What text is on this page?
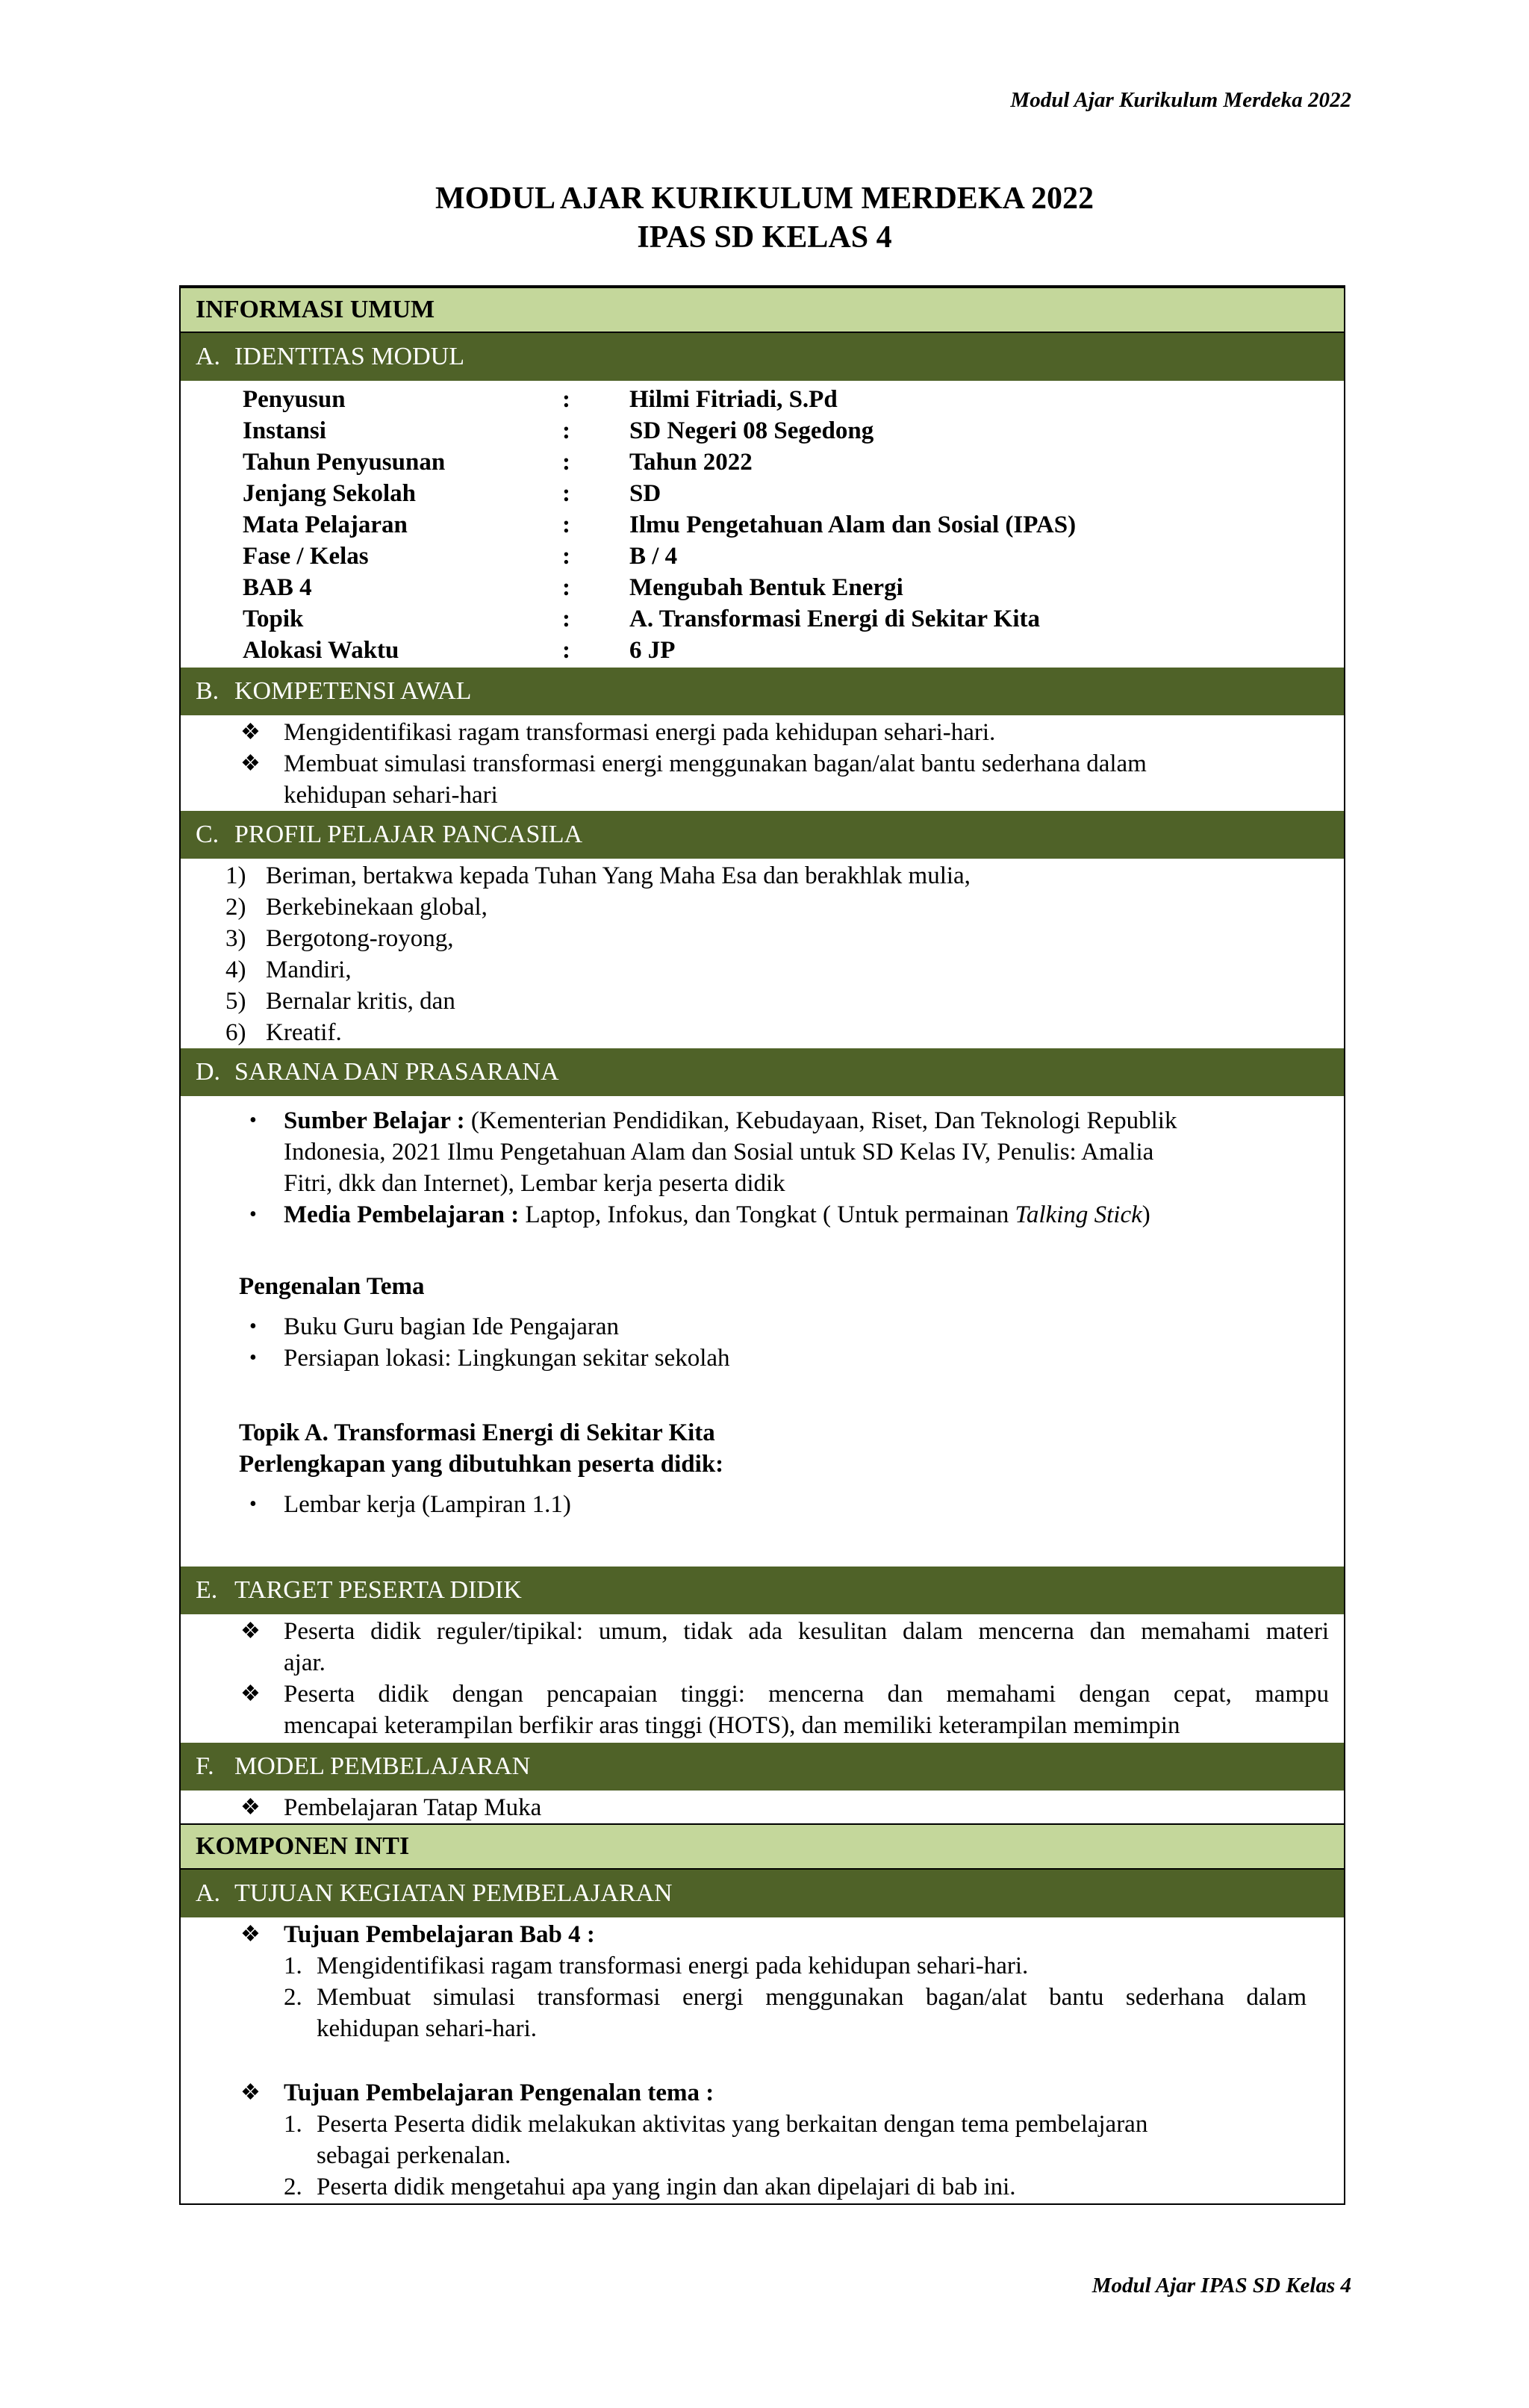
Modul Ajar Kurikulum Merdeka 2022
MODUL AJAR KURIKULUM MERDEKA 2022
IPAS SD KELAS 4
INFORMASI UMUM
A. IDENTITAS MODUL
Penyusun	: Hilmi Fitriadi, S.Pd
Instansi	: SD Negeri 08 Segedong
Tahun Penyusunan	: Tahun 2022
Jenjang Sekolah	: SD
Mata Pelajaran	: Ilmu Pengetahuan Alam dan Sosial (IPAS)
Fase / Kelas	: B / 4
BAB 4	: Mengubah Bentuk Energi
Topik	: A. Transformasi Energi di Sekitar Kita
Alokasi Waktu	: 6 JP
B. KOMPETENSI AWAL
❖ Mengidentifikasi ragam transformasi energi pada kehidupan sehari-hari.
❖ Membuat simulasi transformasi energi menggunakan bagan/alat bantu sederhana dalam
kehidupan sehari-hari
C. PROFIL PELAJAR PANCASILA
1) Beriman, bertakwa kepada Tuhan Yang Maha Esa dan berakhlak mulia,
2) Berkebinekaan global,
3) Bergotong-royong,
4) Mandiri,
5) Bernalar kritis, dan
6) Kreatif.
D. SARANA DAN PRASARANA
• Sumber Belajar : (Kementerian Pendidikan, Kebudayaan, Riset, Dan Teknologi Republik
Indonesia, 2021 Ilmu Pengetahuan Alam dan Sosial untuk SD Kelas IV, Penulis: Amalia
Fitri, dkk dan Internet), Lembar kerja peserta didik
• Media Pembelajaran : Laptop, Infokus, dan Tongkat ( Untuk permainan Talking Stick)
Pengenalan Tema
• Buku Guru bagian Ide Pengajaran
• Persiapan lokasi: Lingkungan sekitar sekolah
Topik A. Transformasi Energi di Sekitar Kita
Perlengkapan yang dibutuhkan peserta didik:
• Lembar kerja (Lampiran 1.1)
E. TARGET PESERTA DIDIK
❖ Peserta didik reguler/tipikal: umum, tidak ada kesulitan dalam mencerna dan memahami materi
ajar.
❖ Peserta didik dengan pencapaian tinggi: mencerna dan memahami dengan cepat, mampu
mencapai keterampilan berfikir aras tinggi (HOTS), dan memiliki keterampilan memimpin
F. MODEL PEMBELAJARAN
❖ Pembelajaran Tatap Muka
KOMPONEN INTI
A. TUJUAN KEGIATAN PEMBELAJARAN
❖ Tujuan Pembelajaran Bab 4 :
1. Mengidentifikasi ragam transformasi energi pada kehidupan sehari-hari.
2. Membuat simulasi transformasi energi menggunakan bagan/alat bantu sederhana dalam
kehidupan sehari-hari.
❖ Tujuan Pembelajaran Pengenalan tema :
1. Peserta Peserta didik melakukan aktivitas yang berkaitan dengan tema pembelajaran
sebagai perkenalan.
2. Peserta didik mengetahui apa yang ingin dan akan dipelajari di bab ini.
Modul Ajar IPAS SD Kelas 4
